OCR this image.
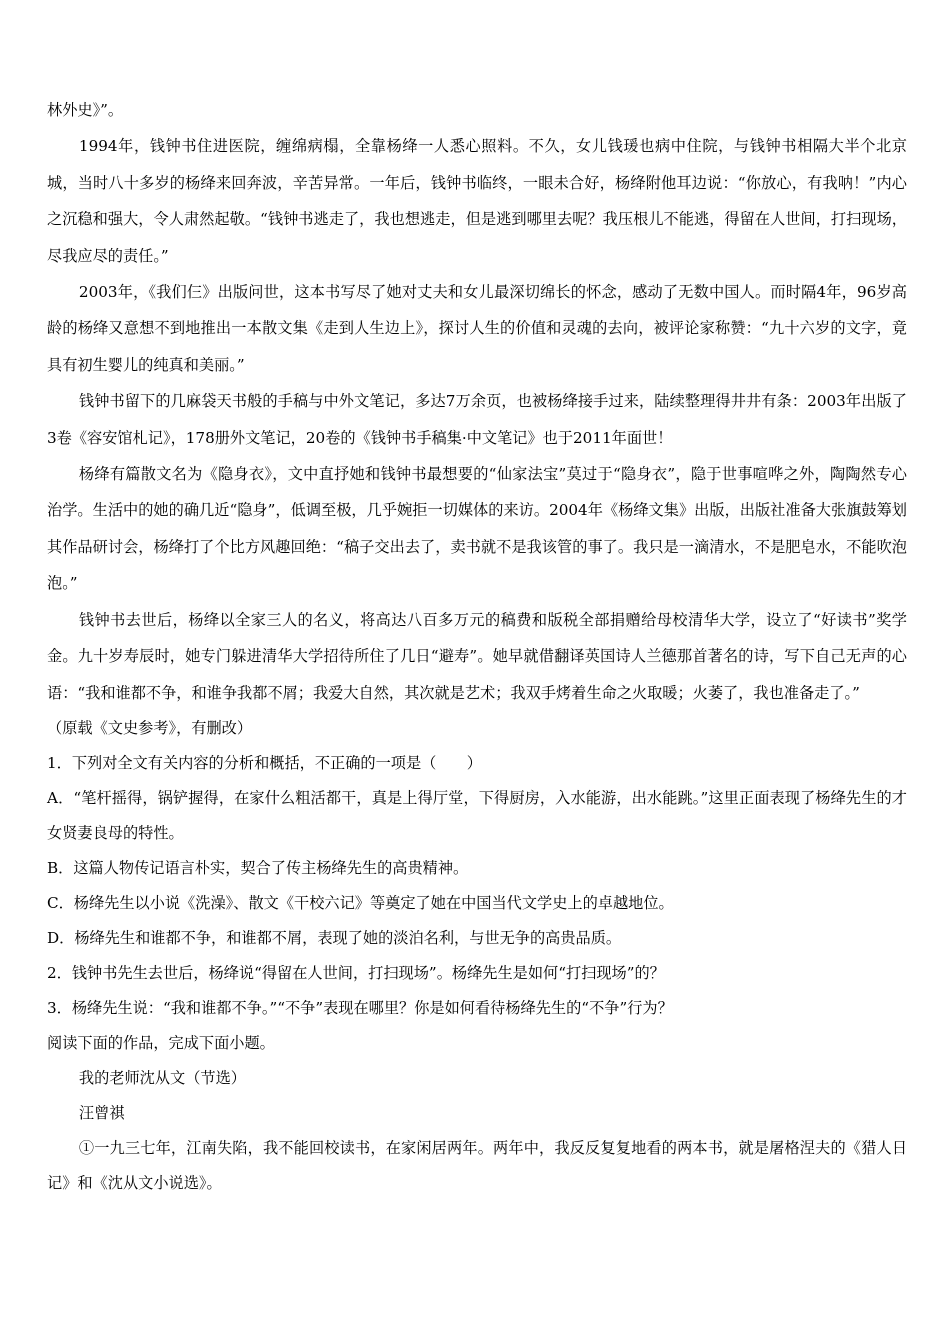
林外史》”。

1994年，钱钟书住进医院，缠绵病榻，全靠杨绛一人悉心照料。不久，女儿钱瑗也病中住院，与钱钟书相隔大半个北京城，当时八十多岁的杨绛来回奔波，辛苦异常。一年后，钱钟书临终，一眼未合好，杨绛附他耳边说：“你放心，有我呐！”内心之沉稳和强大，令人肃然起敬。“钱钟书逃走了，我也想逃走，但是逃到哪里去呢？我压根儿不能逃，得留在人世间，打扫现场，尽我应尽的责任。”

2003年，《我们仨》出版问世，这本书写尽了她对丈夫和女儿最深切绵长的怀念，感动了无数中国人。而时隔4年，96岁高龄的杨绛又意想不到地推出一本散文集《走到人生边上》，探讨人生的价值和灵魂的去向，被评论家称赞：“九十六岁的文字，竟具有初生婴儿的纯真和美丽。”

钱钟书留下的几麻袋天书般的手稿与中外文笔记，多达7万余页，也被杨绛接手过来，陆续整理得井井有条：2003年出版了3卷《容安馆札记》，178册外文笔记，20卷的《钱钟书手稿集·中文笔记》也于2011年面世！

杨绛有篇散文名为《隐身衣》，文中直抒她和钱钟书最想要的“仙家法宝”莫过于“隐身衣”，隐于世事喧哗之外，陶陶然专心治学。生活中的她的确几近“隐身”，低调至极，几乎婉拒一切媒体的来访。2004年《杨绛文集》出版，出版社准备大张旗鼓筹划其作品研讨会，杨绛打了个比方风趣回绝：“稿子交出去了，卖书就不是我该管的事了。我只是一滴清水，不是肥皂水，不能吹泡泡。”

钱钟书去世后，杨绛以全家三人的名义，将高达八百多万元的稿费和版税全部捐赠给母校清华大学，设立了“好读书”奖学金。九十岁寿辰时，她专门躲进清华大学招待所住了几日“避寿”。她早就借翻译英国诗人兰德那首著名的诗，写下自己无声的心语：“我和谁都不争，和谁争我都不屑；我爱大自然，其次就是艺术；我双手烤着生命之火取暖；火萎了，我也准备走了。”

（原载《文史参考》，有删改）

1．下列对全文有关内容的分析和概括，不正确的一项是（　　）

A．“笔杆摇得，锅铲握得，在家什么粗活都干，真是上得厅堂，下得厨房，入水能游，出水能跳。”这里正面表现了杨绛先生的才女贤妻良母的特性。

B．这篇人物传记语言朴实，契合了传主杨绛先生的高贵精神。

C．杨绛先生以小说《洗澡》、散文《干校六记》等奠定了她在中国当代文学史上的卓越地位。

D．杨绛先生和谁都不争，和谁都不屑，表现了她的淡泊名利，与世无争的高贵品质。

2．钱钟书先生去世后，杨绛说“得留在人世间，打扫现场”。杨绛先生是如何“打扫现场”的？

3．杨绛先生说：“我和谁都不争。”“不争”表现在哪里？你是如何看待杨绛先生的“不争”行为？

阅读下面的作品，完成下面小题。

我的老师沈从文（节选）

汪曾祺

①一九三七年，江南失陷，我不能回校读书，在家闲居两年。两年中，我反反复复地看的两本书，就是屠格涅夫的《猎人日记》和《沈从文小说选》。
